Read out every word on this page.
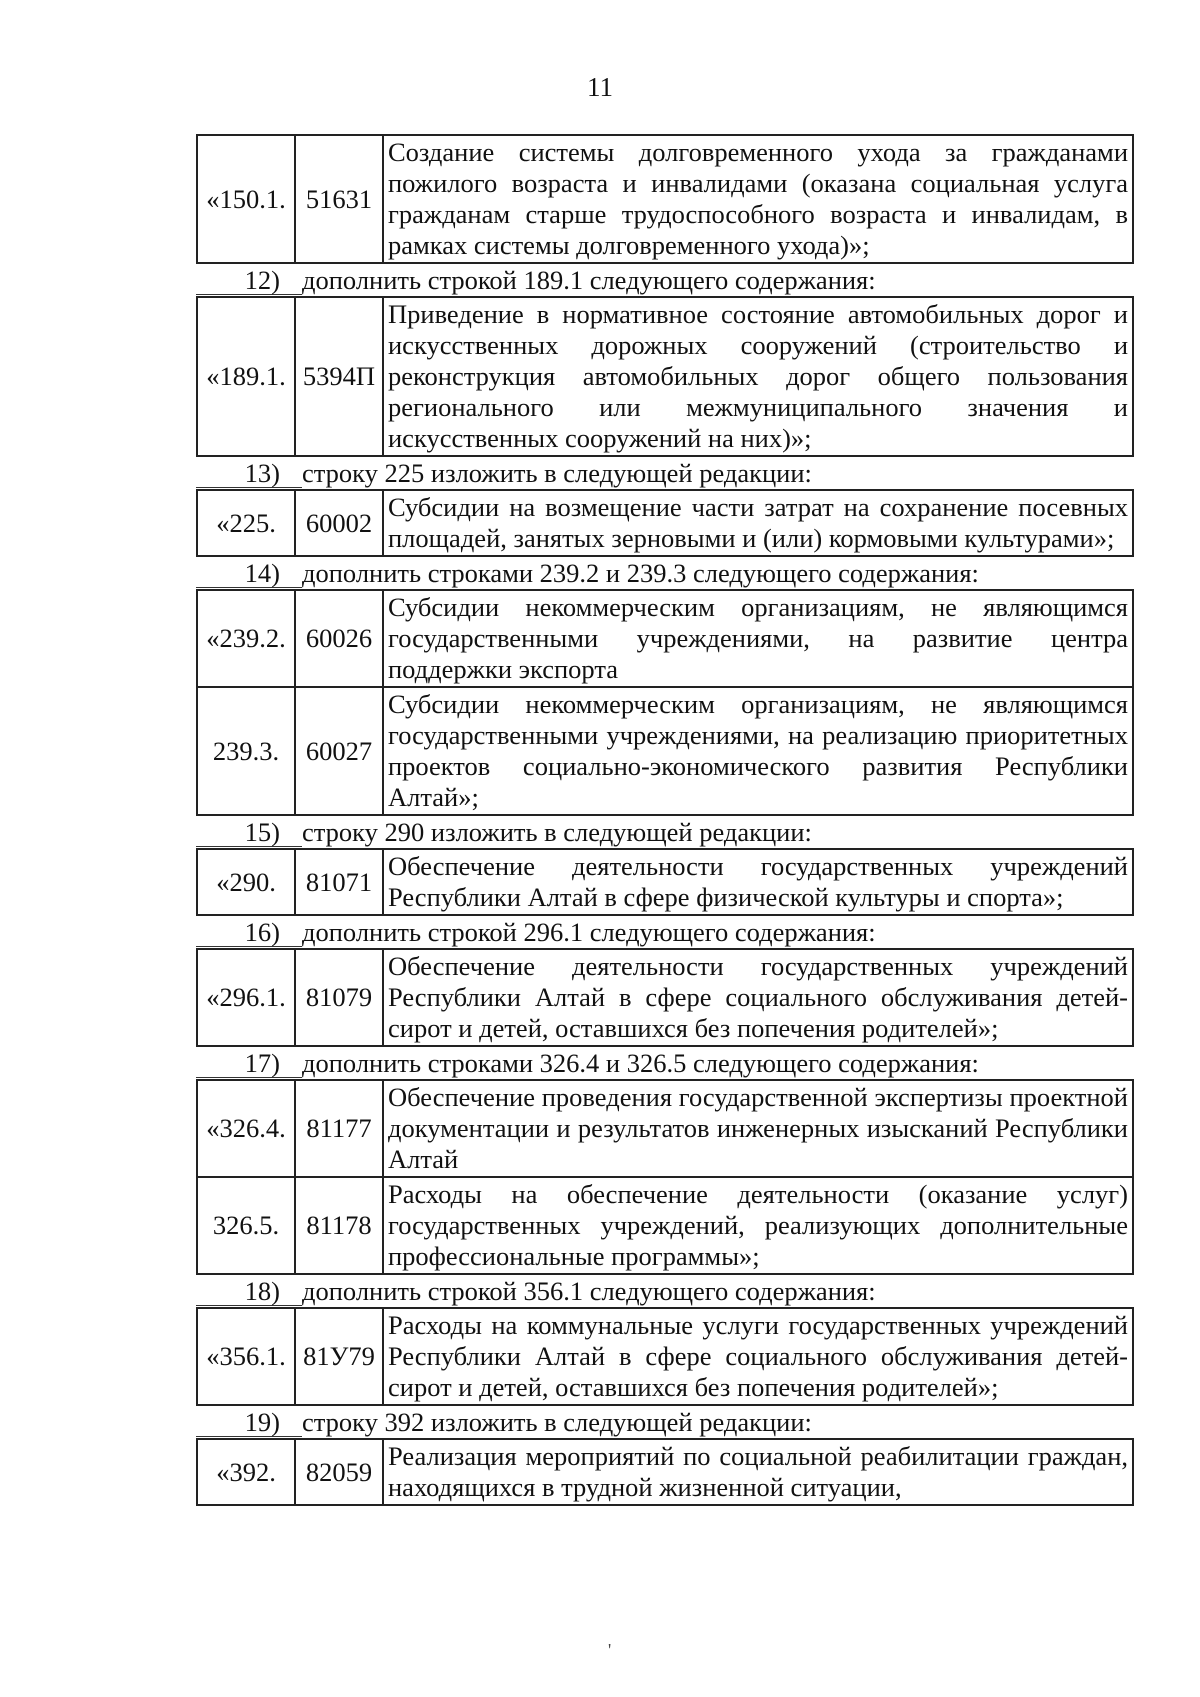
11
«150.1.	51631	Создание системы долговременного ухода за гражданами пожилого возраста и инвалидами (оказана социальная услуга гражданам старше трудоспособного возраста и инвалидам, в рамках системы долговременного ухода)»;
12) дополнить строкой 189.1 следующего содержания:
«189.1.	5394П	Приведение в нормативное состояние автомобильных дорог и искусственных дорожных сооружений (строительство и реконструкция автомобильных дорог общего пользования регионального или межмуниципального значения и искусственных сооружений на них)»;
13) строку 225 изложить в следующей редакции:
«225.	60002	Субсидии на возмещение части затрат на сохранение посевных площадей, занятых зерновыми и (или) кормовыми культурами»;
14) дополнить строками 239.2 и 239.3 следующего содержания:
«239.2.	60026	Субсидии некоммерческим организациям, не являющимся государственными учреждениями, на развитие центра поддержки экспорта
239.3.	60027	Субсидии некоммерческим организациям, не являющимся государственными учреждениями, на реализацию приоритетных проектов социально-экономического развития Республики Алтай»;
15) строку 290 изложить в следующей редакции:
«290.	81071	Обеспечение деятельности государственных учреждений Республики Алтай в сфере физической культуры и спорта»;
16) дополнить строкой 296.1 следующего содержания:
«296.1.	81079	Обеспечение деятельности государственных учреждений Республики Алтай в сфере социального обслуживания детей-сирот и детей, оставшихся без попечения родителей»;
17) дополнить строками 326.4 и 326.5 следующего содержания:
«326.4.	81177	Обеспечение проведения государственной экспертизы проектной документации и результатов инженерных изысканий Республики Алтай
326.5.	81178	Расходы на обеспечение деятельности (оказание услуг) государственных учреждений, реализующих дополнительные профессиональные программы»;
18) дополнить строкой 356.1 следующего содержания:
«356.1.	81У79	Расходы на коммунальные услуги государственных учреждений Республики Алтай в сфере социального обслуживания детей-сирот и детей, оставшихся без попечения родителей»;
19) строку 392 изложить в следующей редакции:
«392.	82059	Реализация мероприятий по социальной реабилитации граждан, находящихся в трудной жизненной ситуации,
'
